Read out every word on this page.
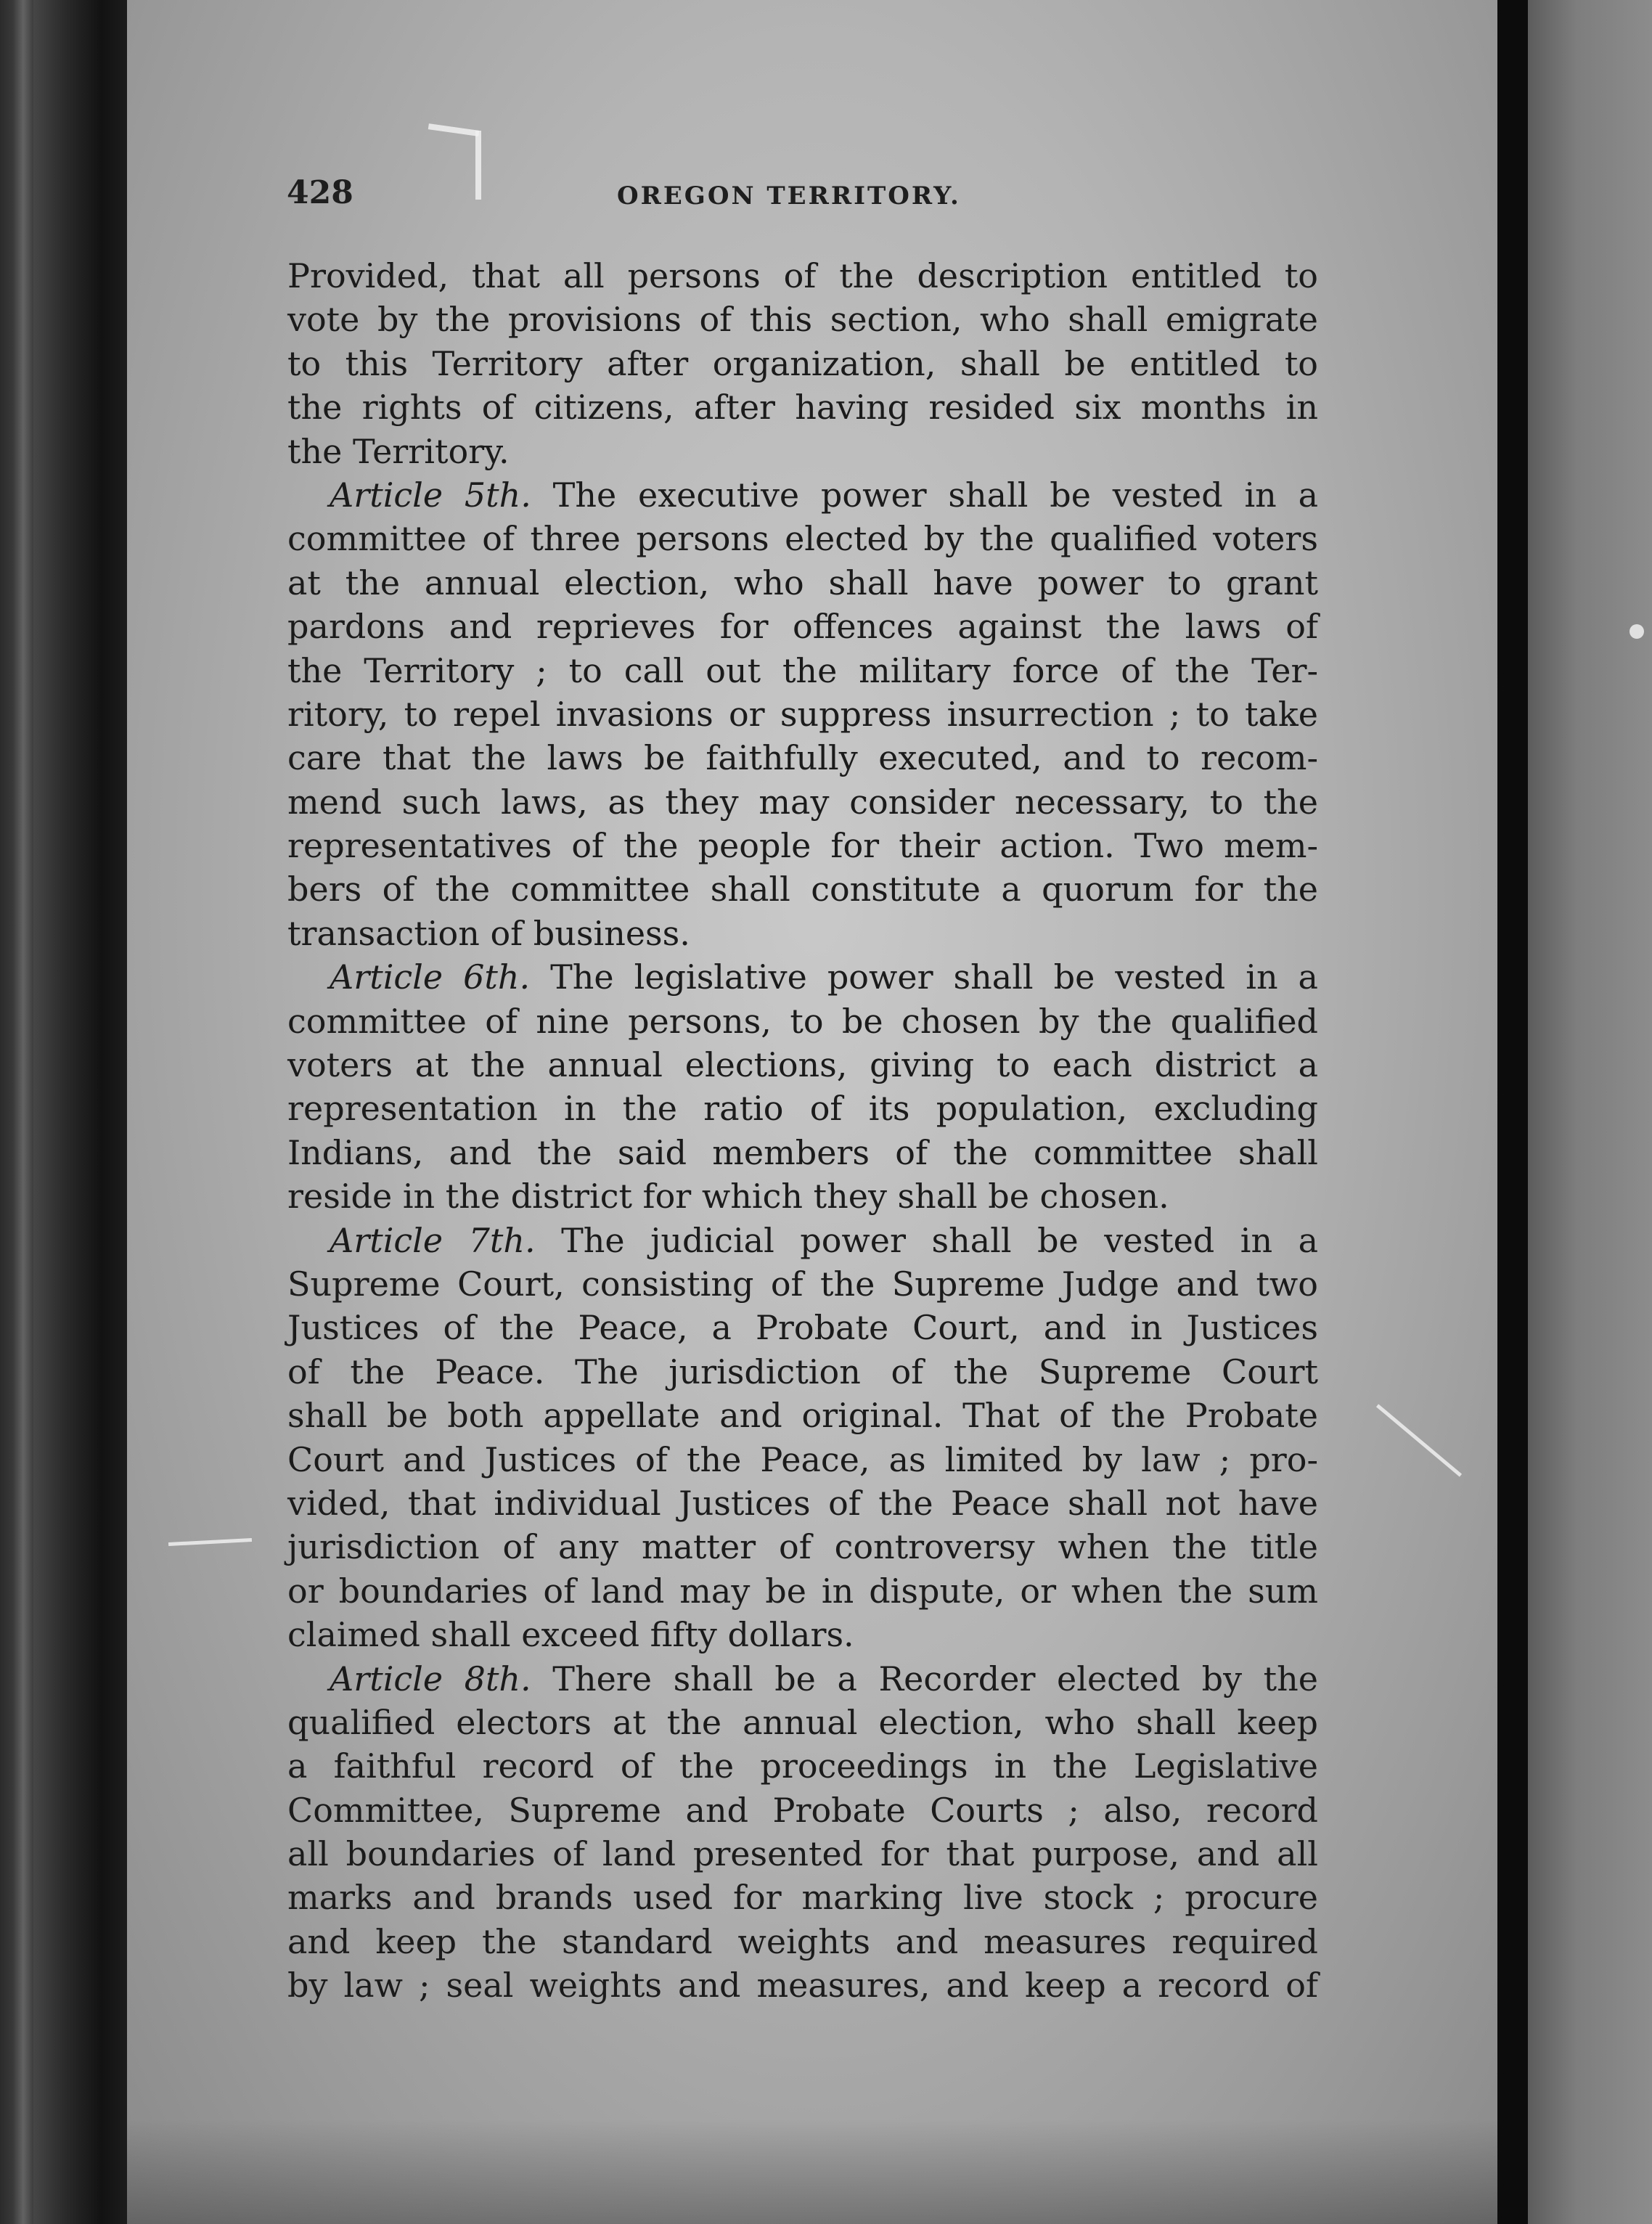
428	OREGON TERRITORY.
Provided, that all persons of the description entitled to
vote by the provisions of this section, who shall emigrate
to this Territory after organization, shall be entitled to
the rights of citizens, after having resided six months in
the Territory.
Article 5th. The executive power shall be vested in a
committee of three persons elected by the qualified voters
at the annual election, who shall have power to grant
pardons and reprieves for offences against the laws of
the Territory ; to call out the military force of the Ter-
ritory, to repel invasions or suppress insurrection ; to take
care that the laws be faithfully executed, and to recom-
mend such laws, as they may consider necessary, to the
representatives of the people for their action. Two mem-
bers of the committee shall constitute a quorum for the
transaction of business.
Article 6th. The legislative power shall be vested in a
committee of nine persons, to be chosen by the qualified
voters at the annual elections, giving to each district a
representation in the ratio of its population, excluding
Indians, and the said members of the committee shall
reside in the district for which they shall be chosen.
Article 7th. The judicial power shall be vested in a
Supreme Court, consisting of the Supreme Judge and two
Justices of the Peace, a Probate Court, and in Justices
of the Peace. The jurisdiction of the Supreme Court
shall be both appellate and original. That of the Probate
Court and Justices of the Peace, as limited by law ; pro-
vided, that individual Justices of the Peace shall not have
jurisdiction of any matter of controversy when the title
or boundaries of land may be in dispute, or when the sum
claimed shall exceed fifty dollars.
Article 8th. There shall be a Recorder elected by the
qualified electors at the annual election, who shall keep
a faithful record of the proceedings in the Legislative
Committee, Supreme and Probate Courts ; also, record
all boundaries of land presented for that purpose, and all
marks and brands used for marking live stock ; procure
and keep the standard weights and measures required
by law ; seal weights and measures, and keep a record of
